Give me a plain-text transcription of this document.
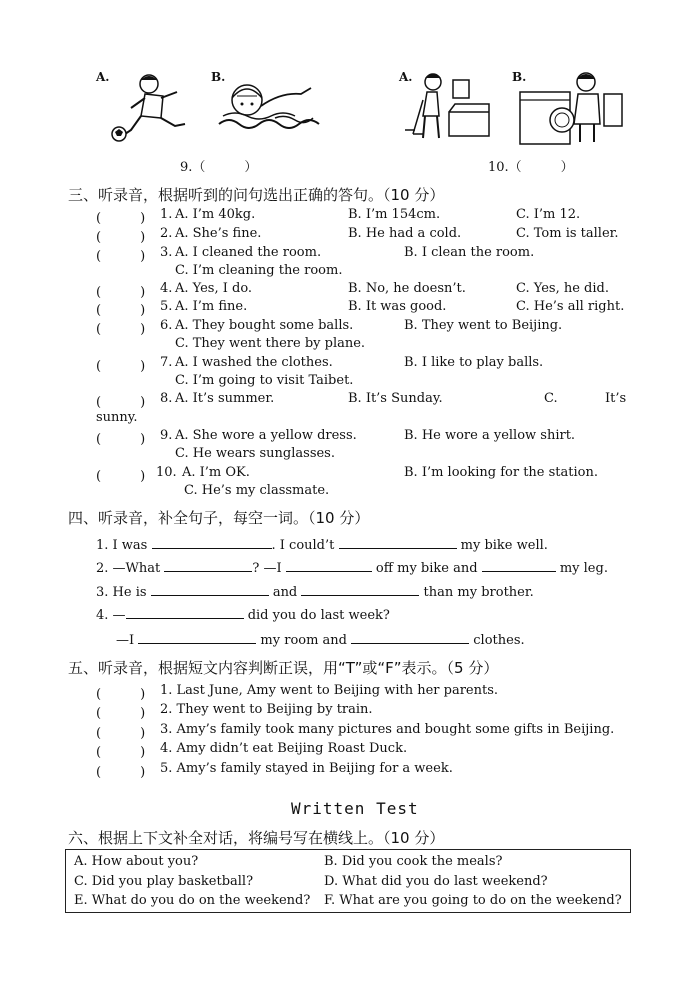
A.	B.
9.（　　　）
A.	B.
10.（　　　）
三、听录音，根据听到的问句选出正确的答句。（10 分）
(　　　) 1. A. I’m 40kg.	B. I’m 154cm.	C. I’m 12.
(　　　) 2. A. She’s fine.	B. He had a cold.	C. Tom is taller.
(　　　) 3. A. I cleaned the room.	B. I clean the room.
C. I’m cleaning the room.
(　　　) 4. A. Yes, I do.	B. No, he doesn’t.	C. Yes, he did.
(　　　) 5. A. I’m fine.	B. It was good.	C. He’s all right.
(　　　) 6. A. They bought some balls.	B. They went to Beijing.
C. They went there by plane.
(　　　) 7. A. I washed the clothes.	B. I like to play balls.
C. I’m going to visit Taibet.
(　　　) 8. A. It’s summer.	B. It’s Sunday.	C.	It’s
sunny.
(　　　) 9. A. She wore a yellow dress.	B. He wore a yellow shirt.
C. He wears sunglasses.
(　　　) 10. A. I’m OK.	B. I’m looking for the station.
C. He’s my classmate.
四、听录音，补全句子，每空一词。（10 分）
1. I was	. I could’t	my bike well.
2. —What	? —I	off my bike and	my leg.
3. He is	and	than my brother.
4. —	did you do last week?
—I	my room and	clothes.
五、听录音，根据短文内容判断正误，用“T”或“F”表示。（5 分）
(　　　) 1. Last June, Amy went to Beijing with her parents.
(　　　) 2. They went to Beijing by train.
(　　　) 3. Amy’s family took many pictures and bought some gifts in Beijing.
(　　　) 4. Amy didn’t eat Beijing Roast Duck.
(　　　) 5. Amy’s family stayed in Beijing for a week.
Written Test
六、根据上下文补全对话，将编号写在横线上。（10 分）
A. How about you?	B. Did you cook the meals?
C. Did you play basketball?	D. What did you do last weekend?
E. What do you do on the weekend? F. What are you going to do on the weekend?
